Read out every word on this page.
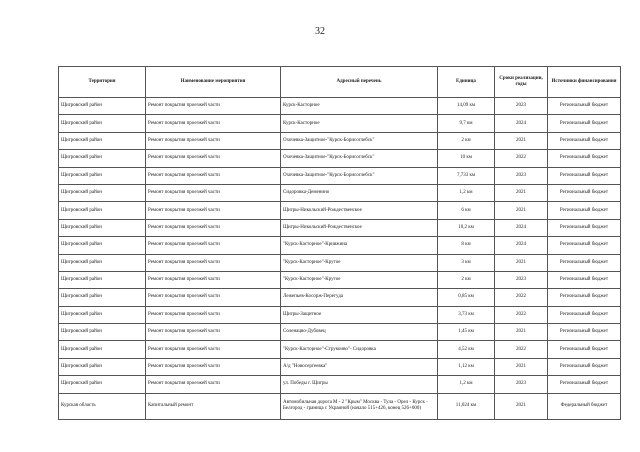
32
Территория	Наименование мероприятия	Адресный перечень	Единица	Сроки реализации, годы	Источники финансирования
Щигровский район	Ремонт покрытия проезжей части	Курск-Касторное	14,09 км	2023	Региональный бюджет
Щигровский район	Ремонт покрытия проезжей части	Курск-Касторное	9,7 км	2024	Региональный бюджет
Щигровский район	Ремонт покрытия проезжей части	Охочевка-Защитное-"Курск-Борисоглебск"	2 км	2021	Региональный бюджет
Щигровский район	Ремонт покрытия проезжей части	Охочевка-Защитное-"Курск-Борисоглебск"	10 км	2022	Региональный бюджет
Щигровский район	Ремонт покрытия проезжей части	Охочевка-Защитное-"Курск-Борисоглебск"	7,733 км	2023	Региональный бюджет
Щигровский район	Ремонт покрытия проезжей части	Сидоровка-Деменино	1,2 км	2021	Региональный бюджет
Щигровский район	Ремонт покрытия проезжей части	Щигры-Никольский-Рождественское	6 км	2021	Региональный бюджет
Щигровский район	Ремонт покрытия проезжей части	Щигры-Никольский-Рождественское	10,2 км	2024	Региональный бюджет
Щигровский район	Ремонт покрытия проезжей части	"Курск-Касторное"-Крияжина	8 км	2024	Региональный бюджет
Щигровский район	Ремонт покрытия проезжей части	"Курск-Касторное"-Крутое	3 км	2021	Региональный бюджет
Щигровский район	Ремонт покрытия проезжей части	"Курск-Касторное"-Крутое	2 км	2023	Региональный бюджет
Щигровский район	Ремонт покрытия проезжей части	Лежепьев-Косорж-Перегуда	0,85 км	2022	Региональный бюджет
Щигровский район	Ремонт покрытия проезжей части	Щигры-Защитное	3,73 км	2022	Региональный бюджет
Щигровский район	Ремонт покрытия проезжей части	Соленацво-Дубовец	1,45 км	2021	Региональный бюджет
Щигровский район	Ремонт покрытия проезжей части	"Курск-Касторное"-Струкоиво"- Сидоровка	4,52 км	2022	Региональный бюджет
Щигровский район	Ремонт покрытия проезжей части	А/д "Новосергеевка"	1,12 км	2021	Региональный бюджет
Щигровский район	Ремонт покрытия проезжей части	ул. Победы г. Щигры	1,2 км	2023	Региональный бюджет
Курская область	Капитальный ремонт	Автомобильная дорога М - 2 "Крым" Москва - Тула - Орел - Курск - Белгород - граница с Украиной (начало 515+426, конец 526+000)	11,024 км	2021	Федеральный бюджет
